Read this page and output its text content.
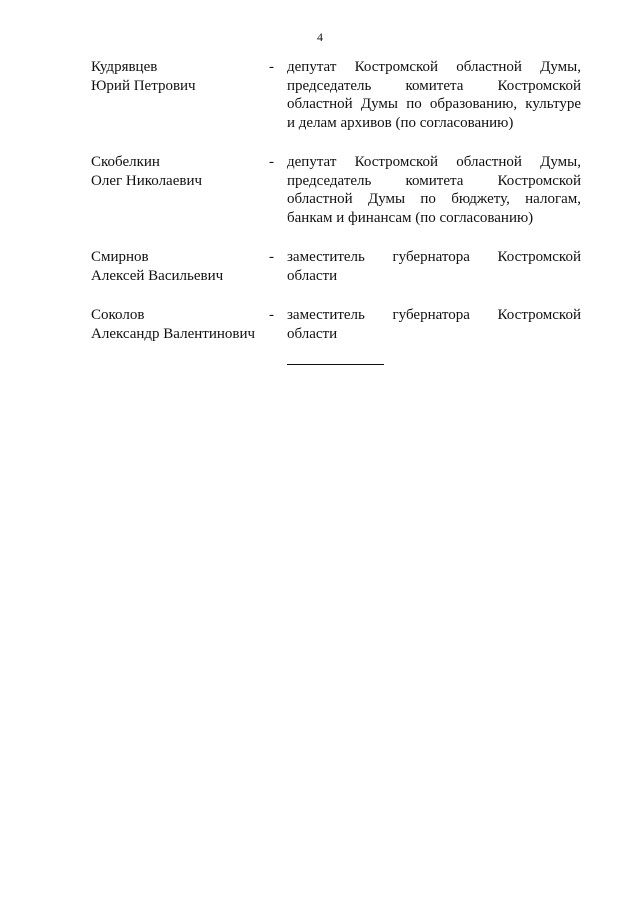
4
Кудрявцев
Юрий Петрович
- депутат Костромской областной Думы,
председатель комитета Костромской
областной Думы по образованию, культуре
и делам архивов (по согласованию)
Скобелкин
Олег Николаевич
- депутат Костромской областной Думы,
председатель комитета Костромской
областной Думы по бюджету, налогам,
банкам и финансам (по согласованию)
Смирнов
Алексей Васильевич
- заместитель губернатора Костромской
области
Соколов
Александр Валентинович
- заместитель губернатора Костромской
области
